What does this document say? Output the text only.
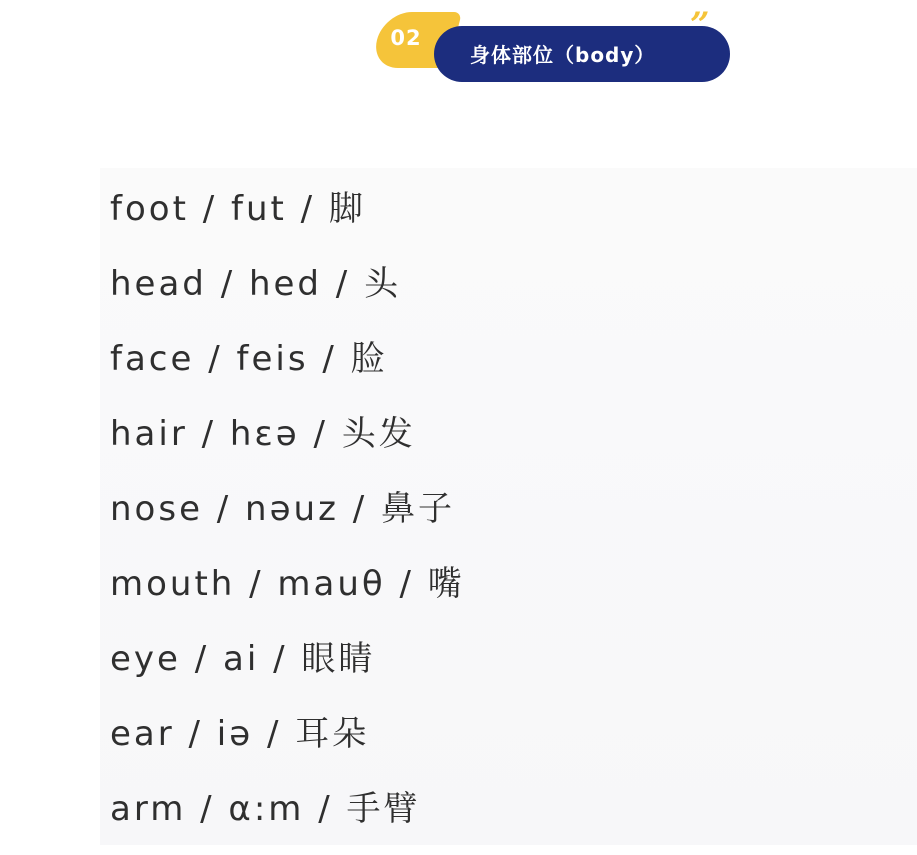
02
身体部位（body）
”
foot / fut / 脚
head / hed / 头
face / feis / 脸
hair / hεə / 头发
nose / nəuz / 鼻子
mouth / mauθ / 嘴
eye / ai / 眼睛
ear / iə / 耳朵
arm / α:m / 手臂
